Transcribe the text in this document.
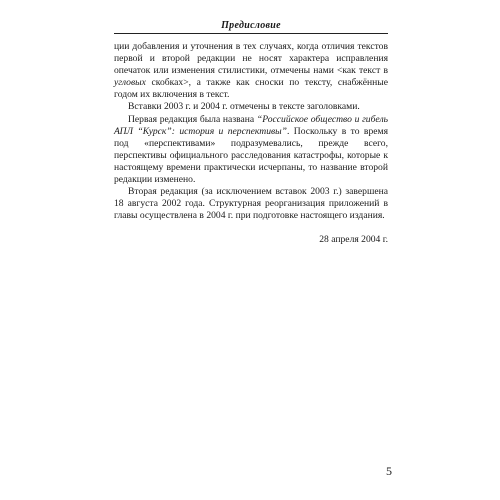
Предисловие

ции добавления и уточнения в тех случаях, когда отличия текстов первой и второй редакции не носят характера исправления опечаток или изменения стилистики, отмечены нами <как текст в угловых скобках>, а также как сноски по тексту, снабжённые годом их включения в текст.

Вставки 2003 г. и 2004 г. отмечены в тексте заголовками.

Первая редакция была названа “Российское общество и гибель АПЛ “Курск”: история и перспективы”. Поскольку в то время под «перспективами» подразумевались, прежде всего, перспективы официального расследования катастрофы, которые к настоящему времени практически исчерпаны, то название второй редакции изменено.

Вторая редакция (за исключением вставок 2003 г.) завершена 18 августа 2002 года. Структурная реорганизация приложений в главы осуществлена в 2004 г. при подготовке настоящего издания.

28 апреля 2004 г.

5
